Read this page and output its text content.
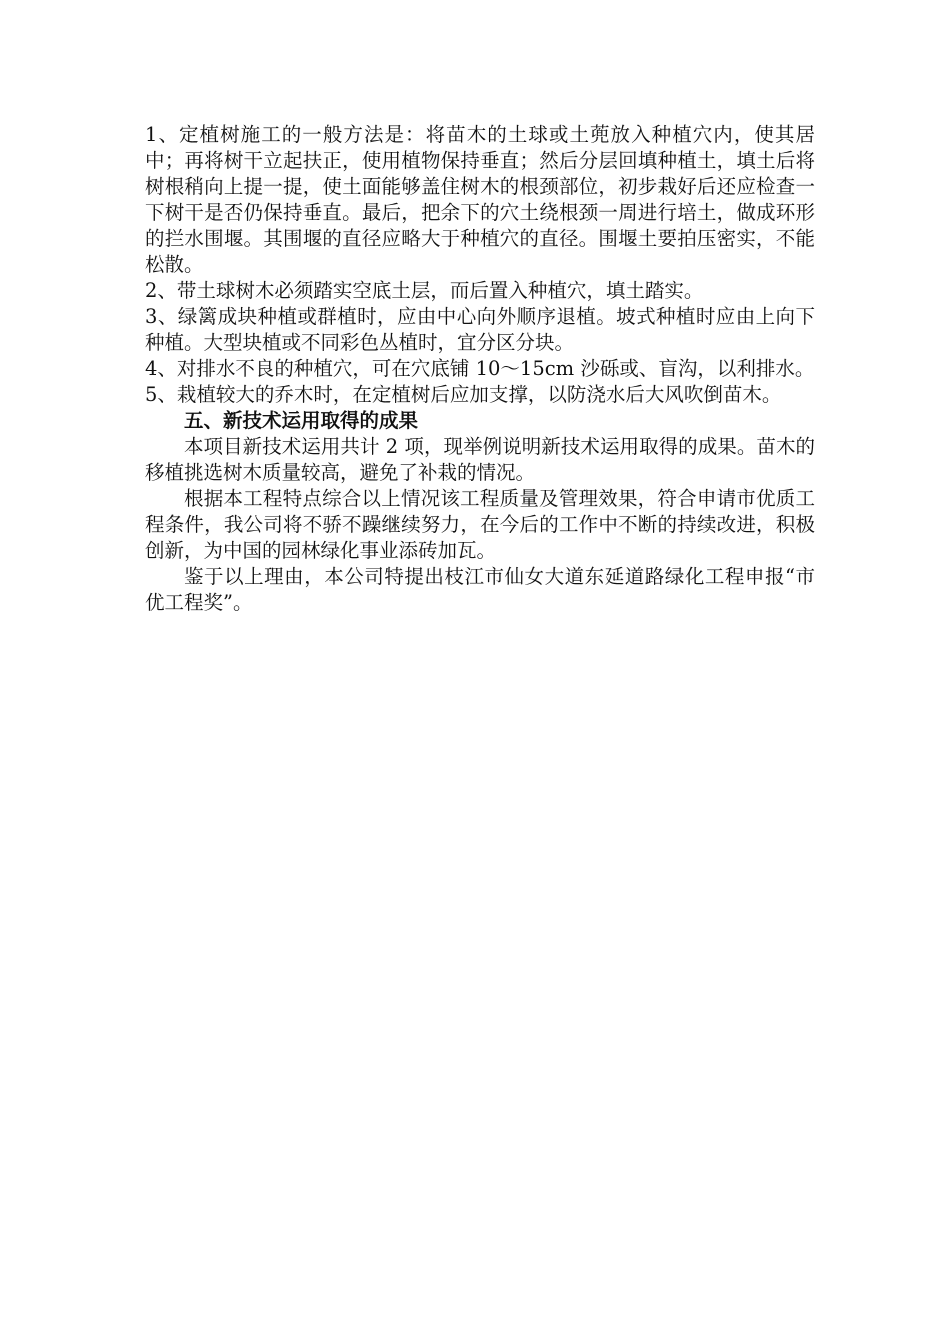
1、定植树施工的一般方法是：将苗木的土球或土蔸放入种植穴内，使其居中；再将树干立起扶正，使用植物保持垂直；然后分层回填种植土，填土后将树根稍向上提一提，使土面能够盖住树木的根颈部位，初步栽好后还应检查一下树干是否仍保持垂直。最后，把余下的穴土绕根颈一周进行培土，做成环形的拦水围堰。其围堰的直径应略大于种植穴的直径。围堰土要拍压密实，不能松散。

2、带土球树木必须踏实空底土层，而后置入种植穴，填土踏实。

3、绿篱成块种植或群植时，应由中心向外顺序退植。坡式种植时应由上向下种植。大型块植或不同彩色丛植时，宜分区分块。

4、对排水不良的种植穴，可在穴底铺 10～15cm 沙砾或、盲沟，以利排水。

5、栽植较大的乔木时，在定植树后应加支撑，以防浇水后大风吹倒苗木。

五、新技术运用取得的成果

本项目新技术运用共计 2 项，现举例说明新技术运用取得的成果。苗木的移植挑选树木质量较高，避免了补栽的情况。

根据本工程特点综合以上情况该工程质量及管理效果，符合申请市优质工程条件，我公司将不骄不躁继续努力，在今后的工作中不断的持续改进，积极创新，为中国的园林绿化事业添砖加瓦。

鉴于以上理由，本公司特提出枝江市仙女大道东延道路绿化工程申报“市优工程奖”。
